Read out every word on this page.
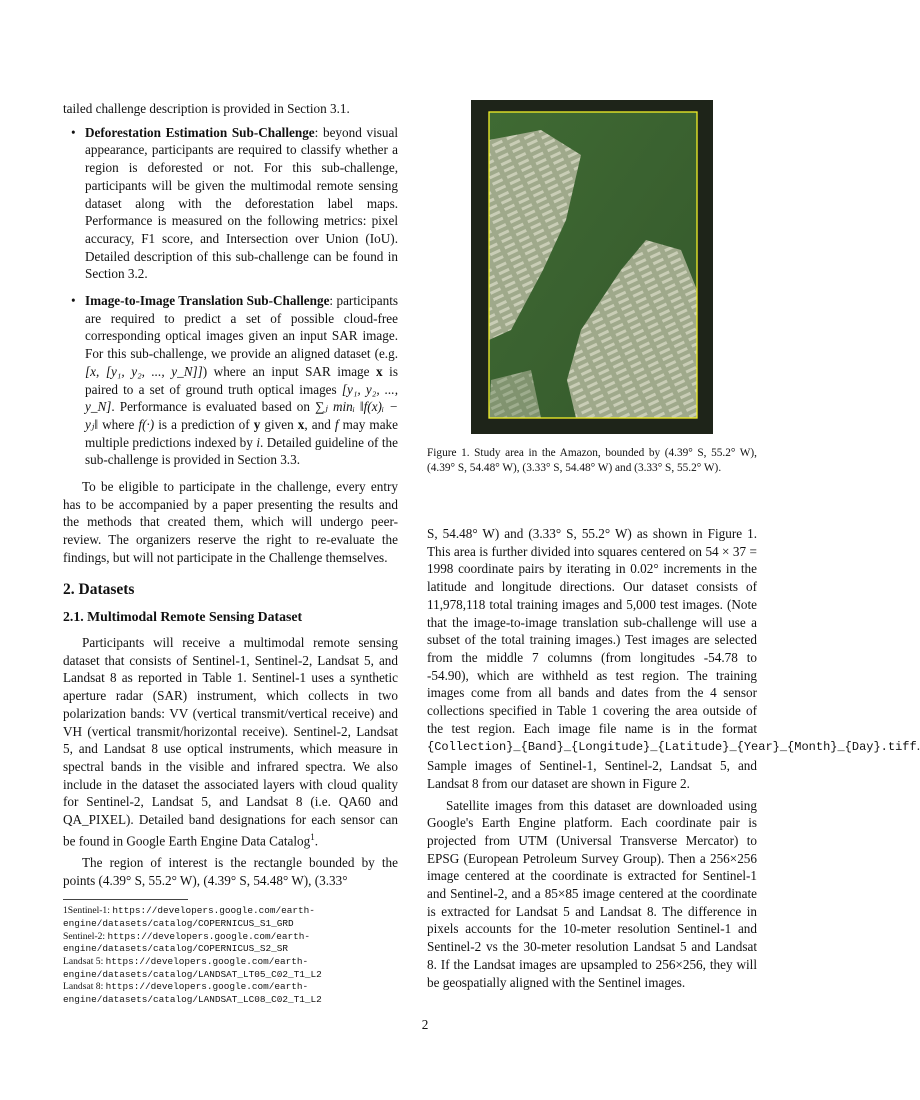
tailed challenge description is provided in Section 3.1.

• Deforestation Estimation Sub-Challenge: beyond visual appearance, participants are required to classify whether a region is deforested or not. For this sub-challenge, participants will be given the multimodal remote sensing dataset along with the deforestation label maps. Performance is measured on the following metrics: pixel accuracy, F1 score, and Intersection over Union (IoU). Detailed description of this sub-challenge can be found in Section 3.2.
• Image-to-Image Translation Sub-Challenge: participants are required to predict a set of possible cloud-free corresponding optical images given an input SAR image. For this sub-challenge, we provide an aligned dataset (e.g. [x, [y₁, y₂, ..., y_N]]) where an input SAR image x is paired to a set of ground truth optical images [y₁, y₂, ..., y_N]. Performance is evaluated based on ∑ⱼ minᵢ ‖f(x)ᵢ − yⱼ‖ where f(·) is a prediction of y given x, and f may make multiple predictions indexed by i. Detailed guideline of the sub-challenge is provided in Section 3.3.

To be eligible to participate in the challenge, every entry has to be accompanied by a paper presenting the results and the methods that created them, which will undergo peer-review. The organizers reserve the right to re-evaluate the findings, but will not participate in the Challenge themselves.

2. Datasets
2.1. Multimodal Remote Sensing Dataset

Participants will receive a multimodal remote sensing dataset that consists of Sentinel-1, Sentinel-2, Landsat 5, and Landsat 8 as reported in Table 1. Sentinel-1 uses a synthetic aperture radar (SAR) instrument, which collects in two polarization bands: VV (vertical transmit/vertical receive) and VH (vertical transmit/horizontal receive). Sentinel-2, Landsat 5, and Landsat 8 use optical instruments, which measure in spectral bands in the visible and infrared spectra. We also include in the dataset the associated layers with cloud quality for Sentinel-2, Landsat 5, and Landsat 8 (i.e. QA60 and QA_PIXEL). Detailed band designations for each sensor can be found in Google Earth Engine Data Catalog$^1$.

The region of interest is the rectangle bounded by the points (4.39° S, 55.2° W), (4.39° S, 54.48° W), (3.33°

1Sentinel-1: https://developers.google.com/earth-engine/datasets/catalog/COPERNICUS_S1_GRD
Sentinel-2: https://developers.google.com/earth-engine/datasets/catalog/COPERNICUS_S2_SR
Landsat 5: https://developers.google.com/earth-engine/datasets/catalog/LANDSAT_LT05_C02_T1_L2
Landsat 8: https://developers.google.com/earth-engine/datasets/catalog/LANDSAT_LC08_C02_T1_L2
Figure 1. Study area in the Amazon, bounded by (4.39° S, 55.2° W), (4.39° S, 54.48° W), (3.33° S, 54.48° W) and (3.33° S, 55.2° W).

S, 54.48° W) and (3.33° S, 55.2° W) as shown in Figure 1. This area is further divided into squares centered on 54 × 37 = 1998 coordinate pairs by iterating in 0.02° increments in the latitude and longitude directions. Our dataset consists of 11,978,118 total training images and 5,000 test images. (Note that the image-to-image translation sub-challenge will use a subset of the total training images.) Test images are selected from the middle 7 columns (from longitudes -54.78 to -54.90), which are withheld as test region. The training images come from all bands and dates from the 4 sensor collections specified in Table 1 covering the area outside of the test region. Each image file name is in the format {Collection}_{Band}_{Longitude}_{Latitude}_{Year}_{Month}_{Day}.tiff. Sample images of Sentinel-1, Sentinel-2, Landsat 5, and Landsat 8 from our dataset are shown in Figure 2.

Satellite images from this dataset are downloaded using Google's Earth Engine platform. Each coordinate pair is projected from UTM (Universal Transverse Mercator) to EPSG (European Petroleum Survey Group). Then a 256×256 image centered at the coordinate is extracted for Sentinel-1 and Sentinel-2, and a 85×85 image centered at the coordinate is extracted for Landsat 5 and Landsat 8. The difference in pixels accounts for the 10-meter resolution Sentinel-1 and Sentinel-2 vs the 30-meter resolution Landsat 5 and Landsat 8. If the Landsat images are upsampled to 256×256, they will be geospatially aligned with the Sentinel images.

2
